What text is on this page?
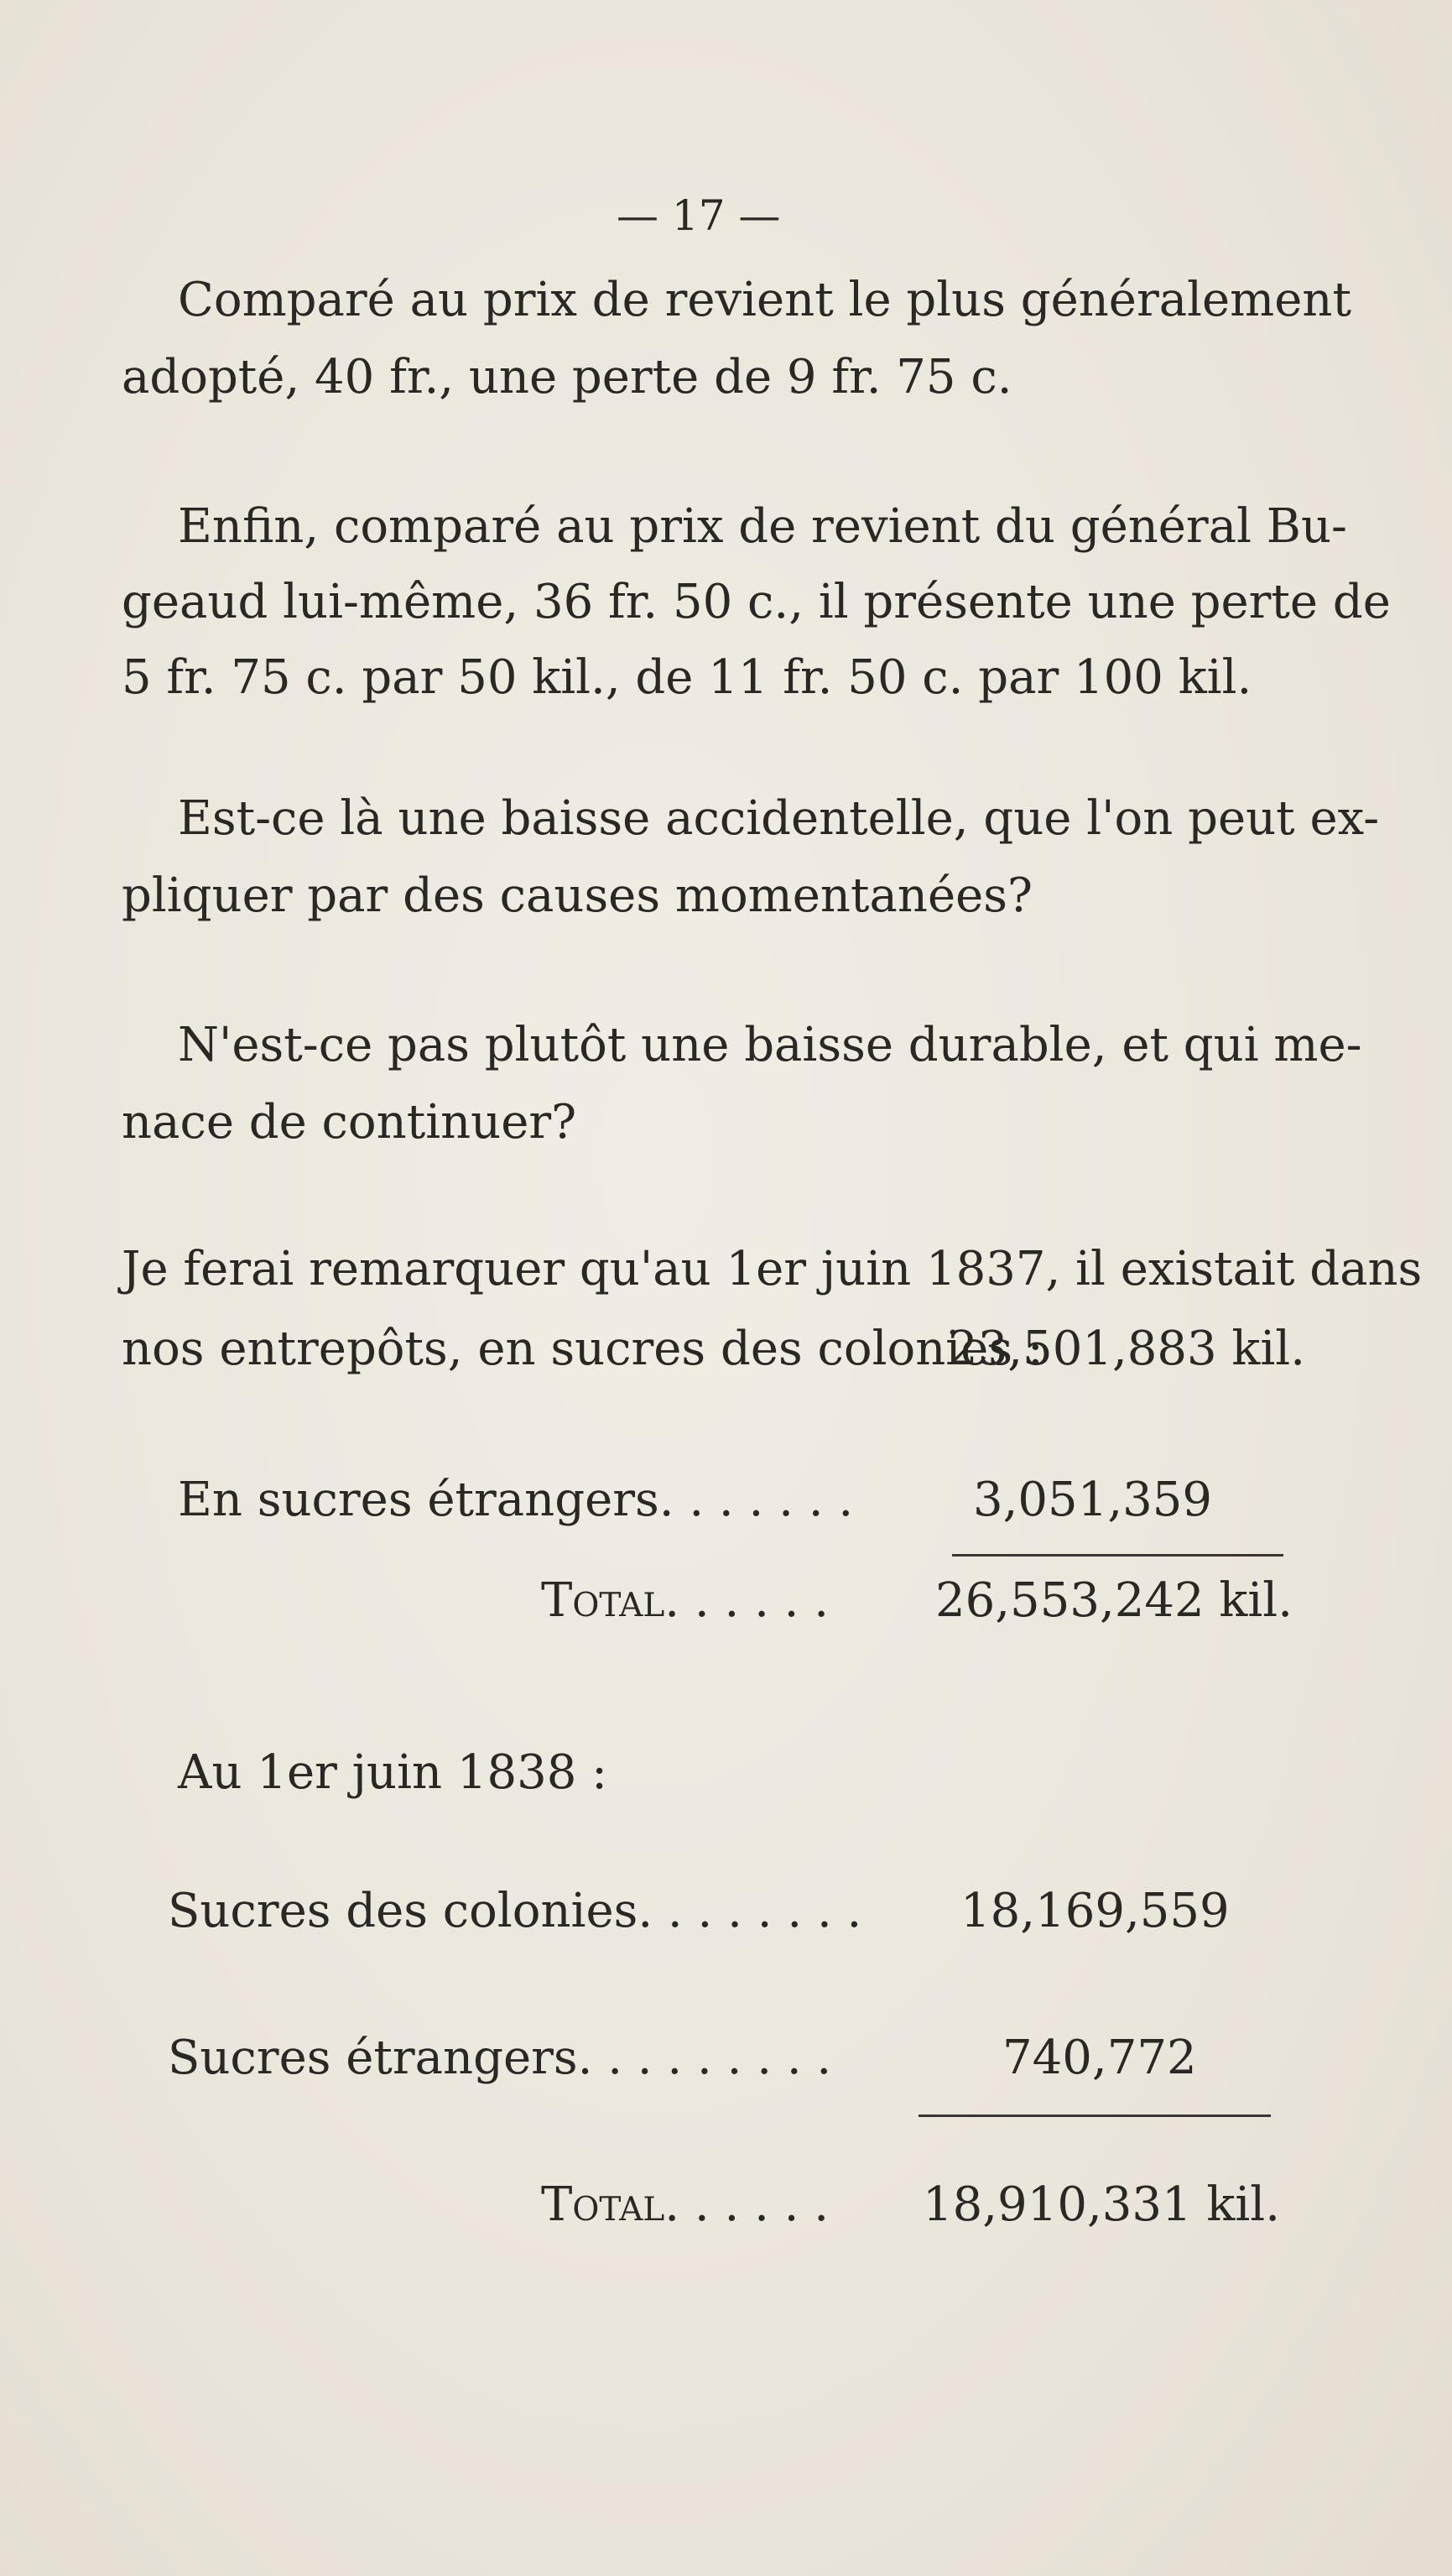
— 17 —
Comparé au prix de revient le plus généralement
adopté, 40 fr., une perte de 9 fr. 75 c.
Enfin, comparé au prix de revient du général Bu-
geaud lui-même, 36 fr. 50 c., il présente une perte de
5 fr. 75 c. par 50 kil., de 11 fr. 50 c. par 100 kil.
Est-ce là une baisse accidentelle, que l'on peut ex-
pliquer par des causes momentanées?
N'est-ce pas plutôt une baisse durable, et qui me-
nace de continuer?
Je ferai remarquer qu'au 1er juin 1837, il existait dans
nos entrepôts, en sucres des colonies :
23,501,883 kil.
En sucres étrangers. . . . . . .	3,051,359
Total. . . . . . 26,553,242 kil.
Au 1er juin 1838 :
Sucres des colonies. . . . . . . . 18,169,559
Sucres étrangers. . . . . . . . .	740,772
Total. . . . . . 18,910,331 kil.
